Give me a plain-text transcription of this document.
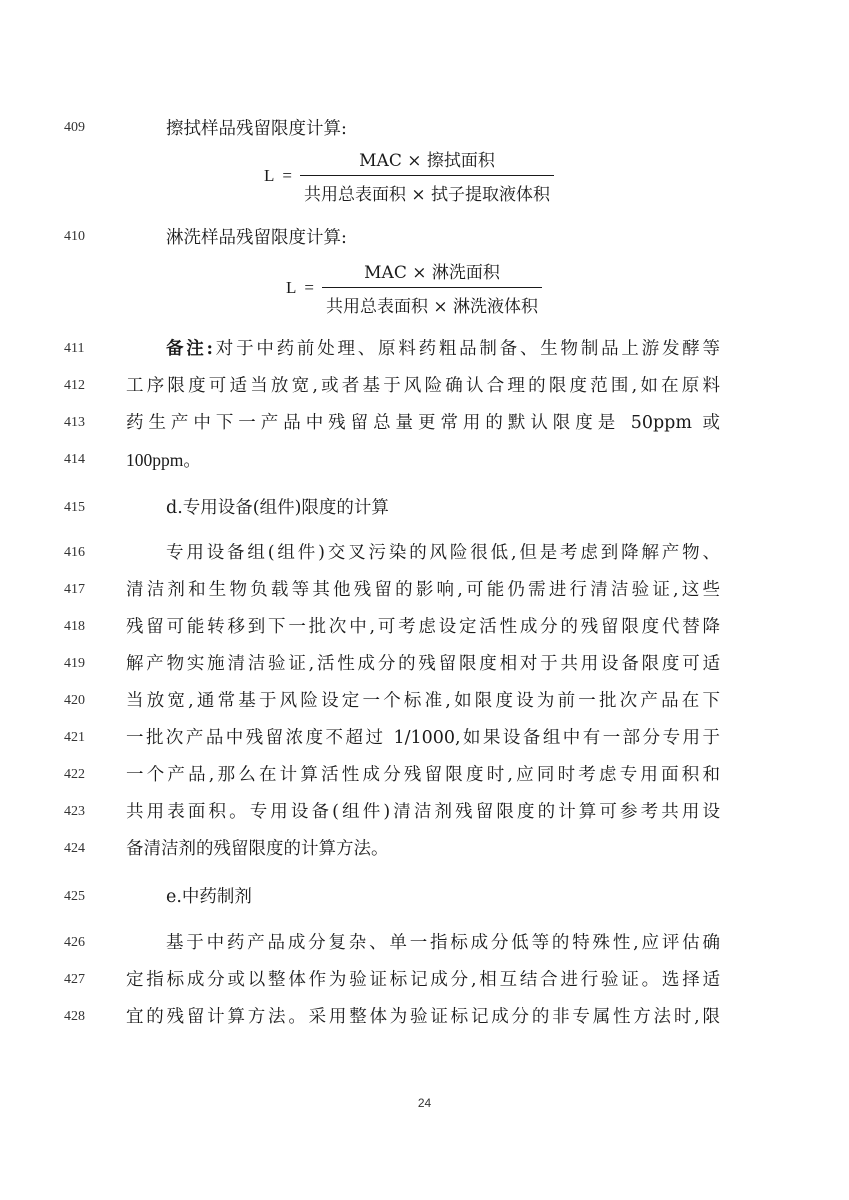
409	擦拭样品残留限度计算:
$L = \frac{\text{MAC × 擦拭面积}}{\text{共用总表面积 × 拭子提取液体积}}$
410	淋洗样品残留限度计算:
$L = \frac{\text{MAC × 淋洗面积}}{\text{共用总表面积 × 淋洗液体积}}$
411	备注:对于中药前处理、原料药粗品制备、生物制品上游发酵等
412	工序限度可适当放宽,或者基于风险确认合理的限度范围,如在原料
413	药生产中下一产品中残留总量更常用的默认限度是 50ppm 或
414	100ppm。
415	d.专用设备(组件)限度的计算
416	专用设备组(组件)交叉污染的风险很低,但是考虑到降解产物、
417	清洁剂和生物负载等其他残留的影响,可能仍需进行清洁验证,这些
418	残留可能转移到下一批次中,可考虑设定活性成分的残留限度代替降
419	解产物实施清洁验证,活性成分的残留限度相对于共用设备限度可适
420	当放宽,通常基于风险设定一个标准,如限度设为前一批次产品在下
421	一批次产品中残留浓度不超过 1/1000,如果设备组中有一部分专用于
422	一个产品,那么在计算活性成分残留限度时,应同时考虑专用面积和
423	共用表面积。专用设备(组件)清洁剂残留限度的计算可参考共用设
424	备清洁剂的残留限度的计算方法。
425	e.中药制剂
426	基于中药产品成分复杂、单一指标成分低等的特殊性,应评估确
427	定指标成分或以整体作为验证标记成分,相互结合进行验证。选择适
428	宜的残留计算方法。采用整体为验证标记成分的非专属性方法时,限
24
